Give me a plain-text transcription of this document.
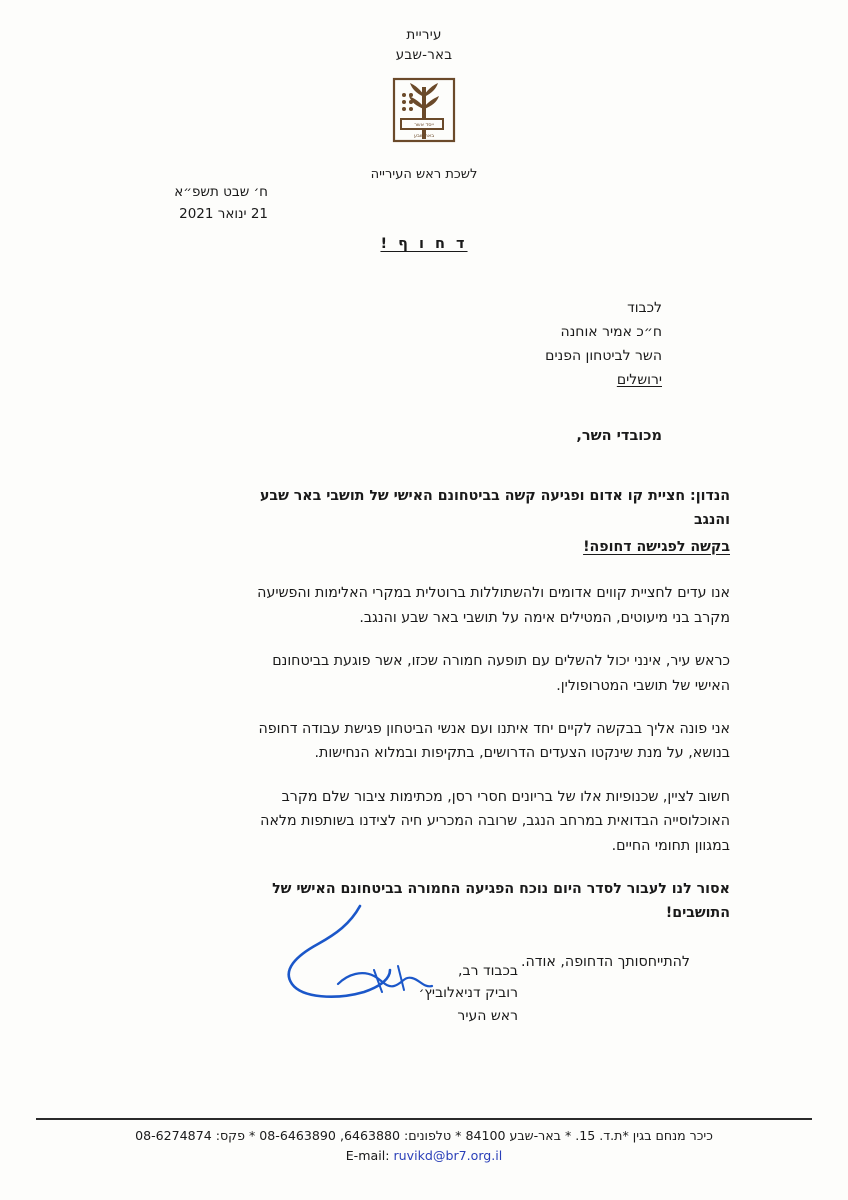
עיריית
באר-שבע
ייסד אשר
באר שבע
לשכת ראש העירייה
ח׳ שבט תשפ״א
21 ינואר 2021
ד ח ו ף !
לכבוד
ח״כ אמיר אוחנה
השר לביטחון הפנים
ירושלים
מכובדי השר,
הנדון: חציית קו אדום ופגיעה קשה בביטחונם האישי של תושבי באר שבע והנגב
בקשה לפגישה דחופה!

אנו עדים לחציית קווים אדומים ולהשתוללות ברוטלית במקרי האלימות והפשיעה מקרב בני מיעוטים, המטילים אימה על תושבי באר שבע והנגב.

כראש עיר, אינני יכול להשלים עם תופעה חמורה שכזו, אשר פוגעת בביטחונם האישי של תושבי המטרופולין.

אני פונה אליך בבקשה לקיים יחד איתנו ועם אנשי הביטחון פגישת עבודה דחופה בנושא, על מנת שינקטו הצעדים הדרושים, בתקיפות ובמלוא הנחישות.

חשוב לציין, שכנופיות אלו של בריונים חסרי רסן, מכתימות ציבור שלם מקרב האוכלוסייה הבדואית במרחב הנגב, שרובה המכריע חיה לצידנו בשותפות מלאה במגוון תחומי החיים.

אסור לנו לעבור לסדר היום נוכח הפגיעה החמורה בביטחונם האישי של התושבים!

להתייחסותך הדחופה, אודה.

בכבוד רב,
רוביק דניאלוביץ׳
ראש העיר
כיכר מנחם בגין *ת.ד. 15. * באר-שבע 84100 * טלפונים: 6463880, 08-6463890 * פקס: 08-6274874
E-mail: ruvikd@br7.org.il
